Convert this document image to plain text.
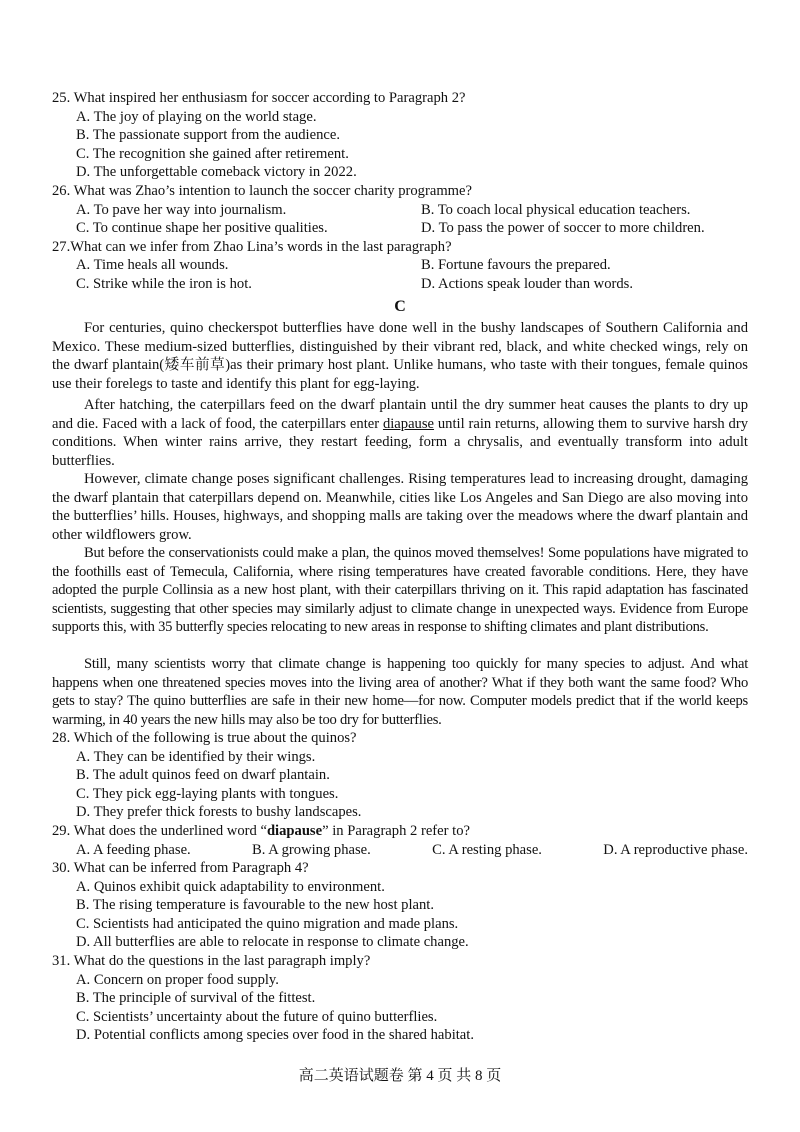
25. What inspired her enthusiasm for soccer according to Paragraph 2?
A. The joy of playing on the world stage.
B. The passionate support from the audience.
C. The recognition she gained after retirement.
D. The unforgettable comeback victory in 2022.
26. What was Zhao’s intention to launch the soccer charity programme?
A. To pave her way into journalism.	B. To coach local physical education teachers.
C. To continue shape her positive qualities.	D. To pass the power of soccer to more children.
27.What can we infer from Zhao Lina’s words in the last paragraph?
A. Time heals all wounds.	B. Fortune favours the prepared.
C. Strike while the iron is hot.	D. Actions speak louder than words.
C
For centuries, quino checkerspot butterflies have done well in the bushy landscapes of Southern California and Mexico. These medium-sized butterflies, distinguished by their vibrant red, black, and white checked wings, rely on the dwarf plantain(矮车前草)as their primary host plant. Unlike humans, who taste with their tongues, female quinos use their forelegs to taste and identify this plant for egg-laying.
After hatching, the caterpillars feed on the dwarf plantain until the dry summer heat causes the plants to dry up and die. Faced with a lack of food, the caterpillars enter diapause until rain returns, allowing them to survive harsh dry conditions. When winter rains arrive, they restart feeding, form a chrysalis, and eventually transform into adult butterflies.
However, climate change poses significant challenges. Rising temperatures lead to increasing drought, damaging the dwarf plantain that caterpillars depend on. Meanwhile, cities like Los Angeles and San Diego are also moving into the butterflies’ hills. Houses, highways, and shopping malls are taking over the meadows where the dwarf plantain and other wildflowers grow.
But before the conservationists could make a plan, the quinos moved themselves! Some populations have migrated to the foothills east of Temecula, California, where rising temperatures have created favorable conditions. Here, they have adopted the purple Collinsia as a new host plant, with their caterpillars thriving on it. This rapid adaptation has fascinated scientists, suggesting that other species may similarly adjust to climate change in unexpected ways. Evidence from Europe supports this, with 35 butterfly species relocating to new areas in response to shifting climates and plant distributions.
Still, many scientists worry that climate change is happening too quickly for many species to adjust. And what happens when one threatened species moves into the living area of another? What if they both want the same food? Who gets to stay? The quino butterflies are safe in their new home—for now. Computer models predict that if the world keeps warming, in 40 years the new hills may also be too dry for butterflies.
28. Which of the following is true about the quinos?
A. They can be identified by their wings.
B. The adult quinos feed on dwarf plantain.
C. They pick egg-laying plants with tongues.
D. They prefer thick forests to bushy landscapes.
29. What does the underlined word “diapause” in Paragraph 2 refer to?
A. A feeding phase.	B. A growing phase.	C. A resting phase.	D. A reproductive phase.
30. What can be inferred from Paragraph 4?
A. Quinos exhibit quick adaptability to environment.
B. The rising temperature is favourable to the new host plant.
C. Scientists had anticipated the quino migration and made plans.
D. All butterflies are able to relocate in response to climate change.
31. What do the questions in the last paragraph imply?
A. Concern on proper food supply.
B. The principle of survival of the fittest.
C. Scientists’ uncertainty about the future of quino butterflies.
D. Potential conflicts among species over food in the shared habitat.
高二英语试题卷 第 4 页 共 8 页
